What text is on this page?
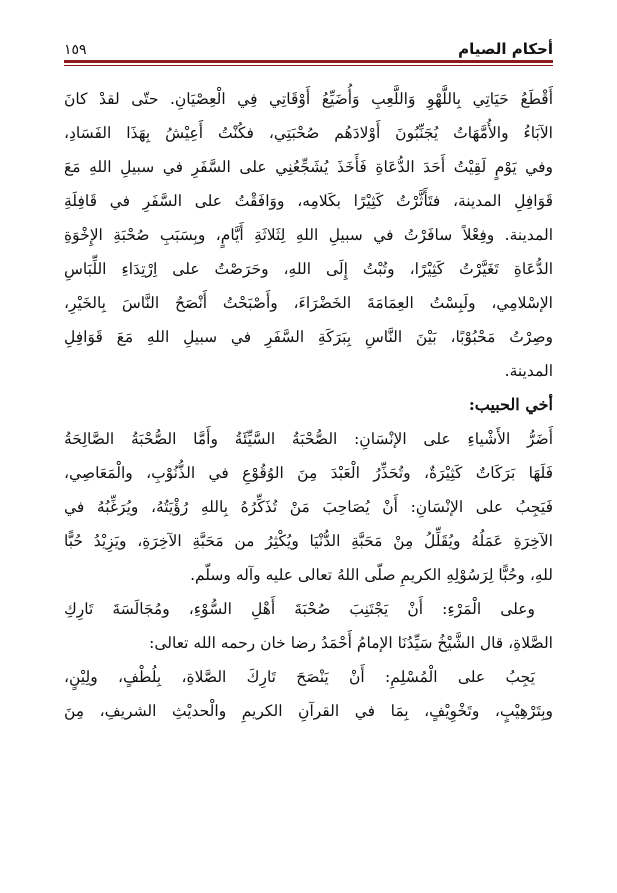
أحكام الصيام
١٥٩
أَقْطَعُ حَيَاتِي بِاللَّهْوِ وَاللَّعِبِ وَأُضَيِّعُ أَوْقَاتِي فِي الْعِصْيَانِ. حتّى لقدْ كانَ
الآبَاءُ والأُمَّهَاتُ يُجَنِّبُونَ أَوْلادَهُم صُحْبَتِي، فكُنْتُ أَعِيْشُ بِهَذَا الفَسَادِ،
وفي يَوْمٍ لَقِيْتُ أَحَدَ الدُّعَاةِ فَأَخَذَ يُشَجِّعُنِي على السَّفَرِ في سبيلِ اللهِ مَعَ
قَوَافِلِ المدينة، فتَأَثَّرْتُ كَثِيْرًا بكَلامِه، ووَافَقْتُ على السَّفَرِ في قَافِلَةِ
المدينة. وفِعْلاً سافَرْتُ في سبيلِ اللهِ لِثَلاثَةِ أَيَّامٍ، وبِسَبَبِ صُحْبَةِ الإِخْوَةِ
الدُّعَاةِ تَغَيَّرْتُ كَثِيْرًا، وتُبْتُ إِلَى اللهِ، وحَرَصْتُ على اِرْتِدَاءِ اللِّبَاسِ
الإسْلامِي، ولَبِسْتُ العِمَامَةَ الخَضْرَاءَ، وأَصْبَحْتُ أَنْصَحُ النَّاسَ بِالخَيْرِ،
وصِرْتُ مَحْبُوْبًا، بَيْنَ النَّاسِ بِبَرَكَةِ السَّفَرِ في سبيلِ اللهِ مَعَ قَوَافِلِ
المدينة.
أخي الحبيب:
أَضَرُّ الأَشْياءِ على الإنْسَانِ: الصُّحْبَةُ السَّيِّئَةُ وأَمَّا الصُّحْبَةُ الصَّالِحَةُ
فَلَهَا بَرَكَاتٌ كَثِيْرَةٌ، وتُحَذِّرُ الْعَبْدَ مِنَ الوُقُوْعِ في الذُّنُوْبِ، والْمَعَاصِي،
فَيَجِبُ على الإنْسَانِ: أَنْ يُصَاحِبَ مَنْ تُذَكِّرُهُ بِاللهِ رُؤْيَتُهُ، ويُرَغِّبُهُ في
الآخِرَةِ عَمَلُهُ ويُقَلِّلُ مِنْ مَحَبَّةِ الدُّنْيَا ويُكْثِرُ من مَحَبَّةِ الآخِرَةِ، ويَزِيْدُ حُبًّا
للهِ، وحُبًّا لِرَسُوْلِهِ الكريمِ صلّى اللهُ تعالى عليه وآله وسلّم.
وعلى الْمَرْءِ: أَنْ يَجْتَنِبَ صُحْبَةَ أَهْلِ السُّوْءِ، ومُجَالَسَةَ تَارِكِ
الصَّلاةِ، قال الشَّيْخُ سَيِّدُنَا الإمامُ أَحْمَدُ رضا خان رحمه الله تعالى:
يَجِبُ على الْمُسْلِمِ: أَنْ يَنْصَحَ تَارِكَ الصَّلاةِ، بِلُطْفٍ، ولِيْنٍ،
وبِتَرْهِيْبٍ، وتَخْوِيْفٍ، بِمَا في القرآنِ الكريمِ والْحديْثِ الشريفِ، مِنَ
